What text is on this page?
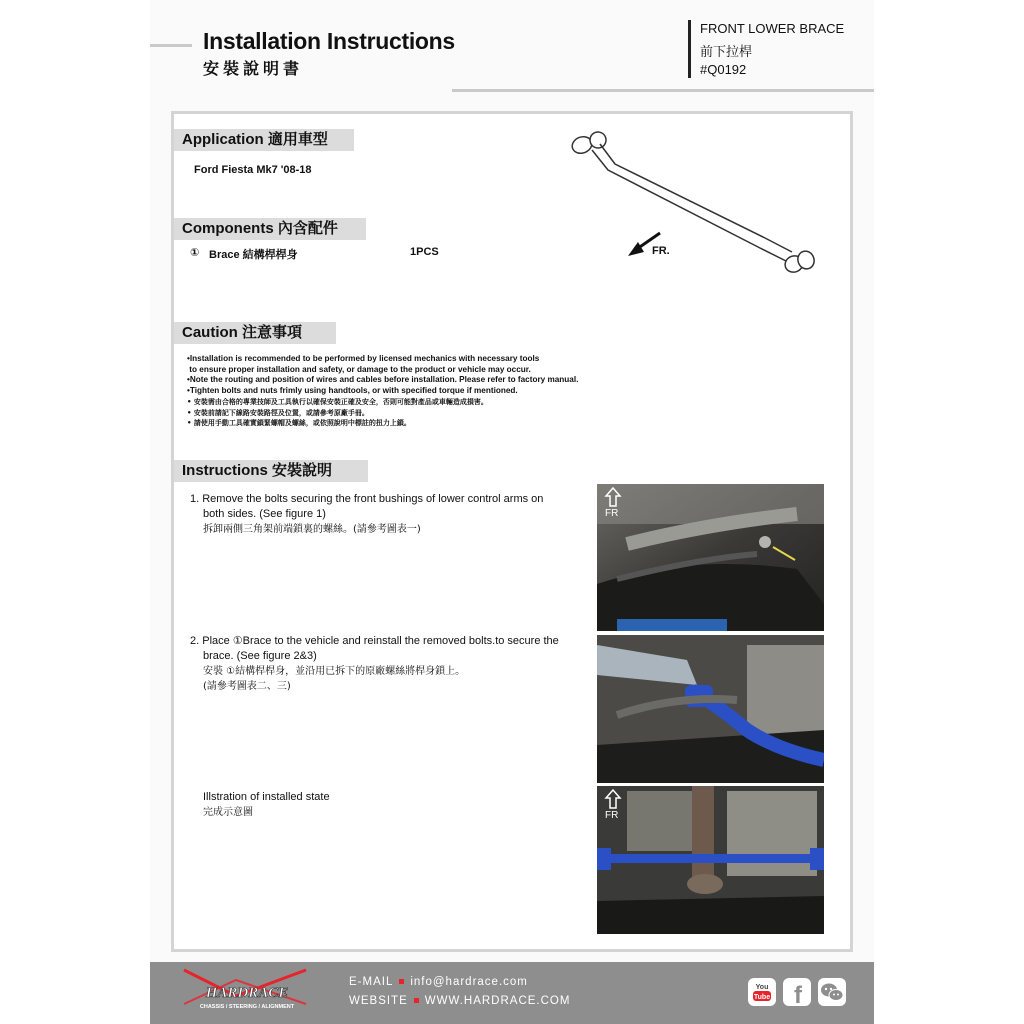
Installation Instructions
安裝說明書
FRONT LOWER BRACE
前下拉桿
#Q0192
Application 適用車型
Ford Fiesta Mk7 '08-18
Components 內含配件
① Brace 結構桿桿身	1PCS	FR.
Caution 注意事項
•Installation is recommended to be performed by licensed mechanics with necessary tools
to ensure proper installation and safety, or damage to the product or vehicle may occur.
•Note the routing and position of wires and cables before installation. Please refer to factory manual.
•Tighten bolts and nuts frimly using handtools, or with specified torque if mentioned.
• 安裝需由合格的專業技師及工具執行以確保安裝正確及安全，否則可能對產品或車輛造成損害。
• 安裝前請記下線路安裝路徑及位置，或請參考原廠手冊。
• 請使用手動工具確實鎖緊螺帽及螺絲，或依照說明中標註的扭力上鎖。
Instructions 安裝說明
1. Remove the bolts securing the front bushings of lower control arms on
both sides. (See figure 1)
拆卸兩側三角架前端鎖裏的螺絲。(請參考圖表一)
2. Place ①Brace to the vehicle and reinstall the removed bolts.to secure the
brace. (See figure 2&3)
安裝 ①結構桿桿身，並沿用已拆下的原廠螺絲將桿身鎖上。
(請參考圖表二、三)
Illstration of installed state
完成示意圖
FR
FR
HARDRACE
CHASSIS / STEERING / ALIGNMENT
E-MAIL info@hardrace.com
WEBSITE WWW.HARDRACE.COM
You
Tube f
